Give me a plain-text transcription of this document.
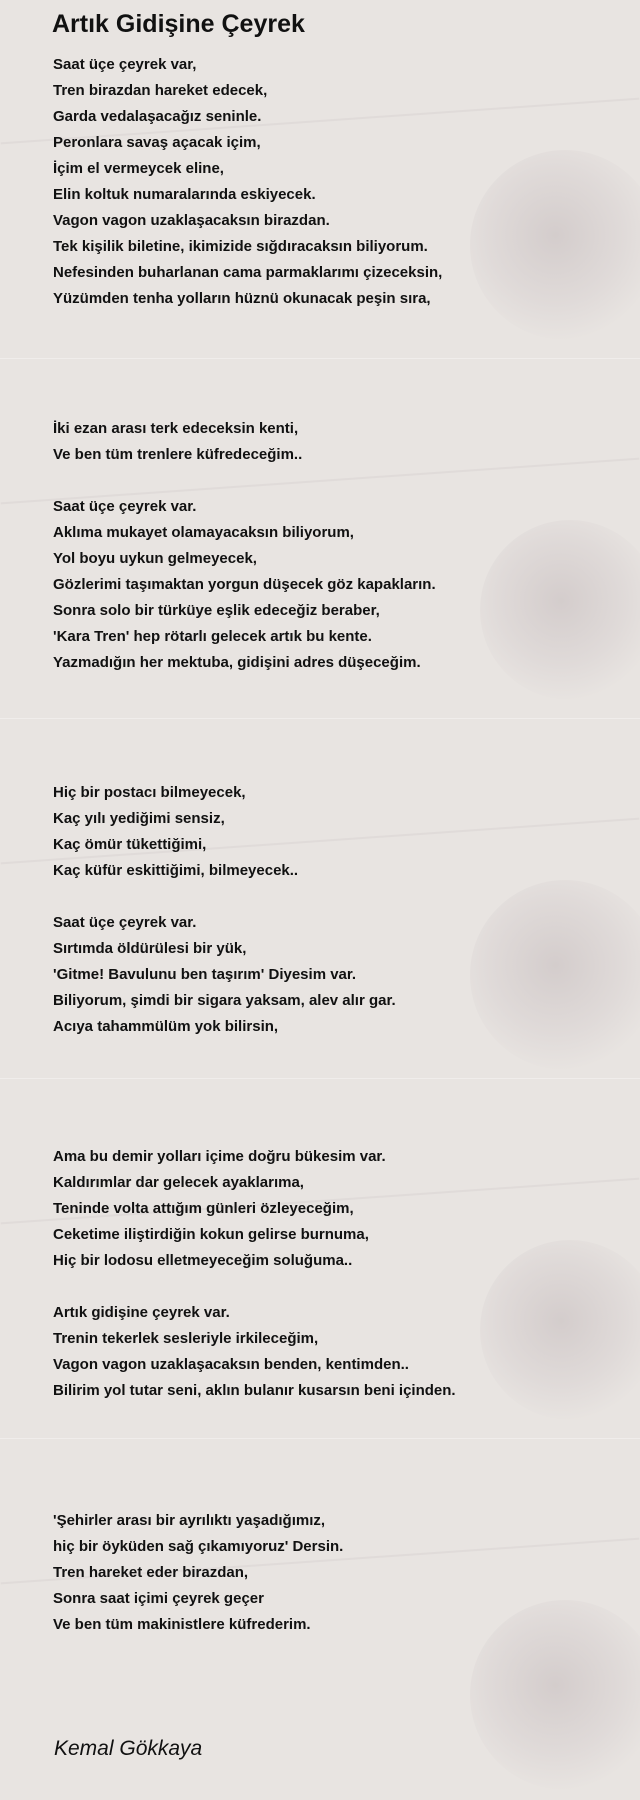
Artık Gidişine Çeyrek
Saat üçe çeyrek var,
Tren birazdan hareket edecek,
Garda vedalaşacağız seninle.
Peronlara savaş açacak içim,
İçim el vermeycek eline,
Elin koltuk numaralarında eskiyecek.
Vagon vagon uzaklaşacaksın birazdan.
Tek kişilik biletine, ikimizide sığdıracaksın biliyorum.
Nefesinden buharlanan cama parmaklarımı çizeceksin,
Yüzümden tenha yolların hüznü okunacak peşin sıra,
İki ezan arası terk edeceksin kenti,
Ve ben tüm trenlere küfredeceğim..
Saat üçe çeyrek var.
Aklıma mukayet olamayacaksın biliyorum,
Yol boyu uykun gelmeyecek,
Gözlerimi taşımaktan yorgun düşecek göz kapakların.
Sonra solo bir türküye eşlik edeceğiz beraber,
'Kara Tren' hep rötarlı gelecek artık bu kente.
Yazmadığın her mektuba, gidişini adres düşeceğim.
Hiç bir postacı bilmeyecek,
Kaç yılı yediğimi sensiz,
Kaç ömür tükettiğimi,
Kaç küfür eskittiğimi, bilmeyecek..
Saat üçe çeyrek var.
Sırtımda öldürülesi bir yük,
'Gitme! Bavulunu ben taşırım' Diyesim var.
Biliyorum, şimdi bir sigara yaksam, alev alır gar.
Acıya tahammülüm yok bilirsin,
Ama bu demir yolları içime doğru bükesim var.
Kaldırımlar dar gelecek ayaklarıma,
Teninde volta attığım günleri özleyeceğim,
Ceketime iliştirdiğin kokun gelirse burnuma,
Hiç bir lodosu elletmeyeceğim soluğuma..
Artık gidişine çeyrek var.
Trenin tekerlek sesleriyle irkileceğim,
Vagon vagon uzaklaşacaksın benden, kentimden..
Bilirim yol tutar seni, aklın bulanır kusarsın beni içinden.
'Şehirler arası bir ayrılıktı yaşadığımız,
hiç bir öyküden sağ çıkamıyoruz' Dersin.
Tren hareket eder birazdan,
Sonra saat içimi çeyrek geçer
Ve ben tüm makinistlere küfrederim.

Kemal Gökkaya
